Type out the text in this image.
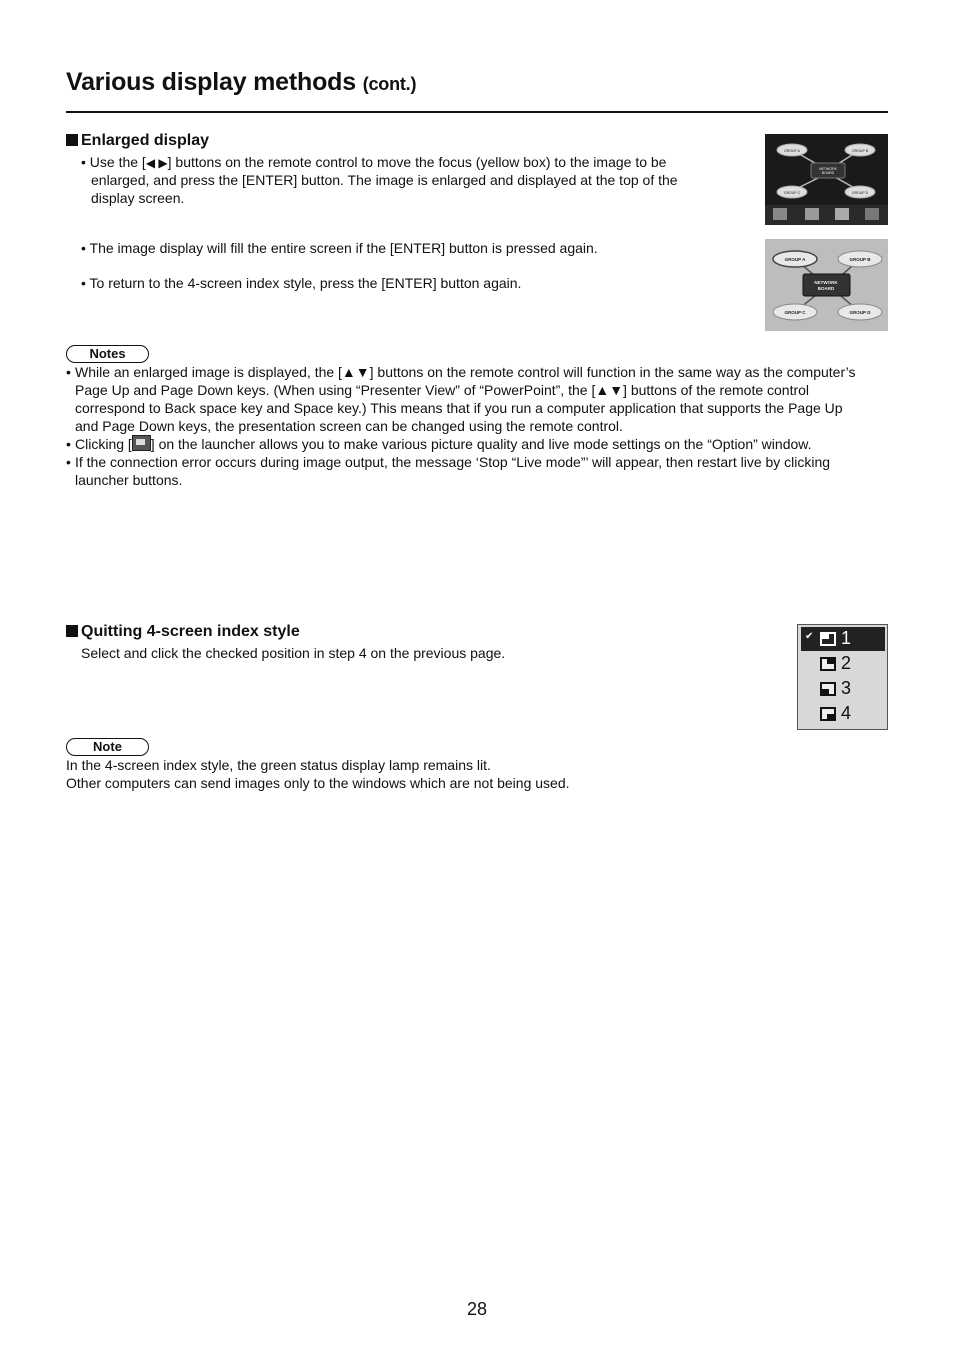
Various display methods (cont.)
Enlarged display
• Use the [◀ ▶] buttons on the remote control to move the focus (yellow box) to the image to be
enlarged, and press the [ENTER] button. The image is enlarged and displayed at the top of the
display screen.
• The image display will fill the entire screen if the [ENTER] button is pressed again.
• To return to the 4-screen index style, press the [ENTER] button again.
GROUP A	GROUP B
GROUP C	GROUP D
NETWORK
BOARD
GROUP A	GROUP B
GROUP C	GROUP D
NETWORK
BOARD
Notes
• While an enlarged image is displayed, the [▲▼] buttons on the remote control will function in the same way as the computer’s
Page Up and Page Down keys. (When using “Presenter View” of “PowerPoint”, the [▲▼] buttons of the remote control
correspond to Back space key and Space key.) This means that if you run a computer application that supports the Page Up
and Page Down keys, the presentation screen can be changed using the remote control.
• Clicking [ ] on the launcher allows you to make various picture quality and live mode settings on the “Option” window.
• If the connection error occurs during image output, the message ‘Stop “Live mode”’ will appear, then restart live by clicking
launcher buttons.
Quitting 4-screen index style
Select and click the checked position in step 4 on the previous page.
✔ 1
2
3
4
Note
In the 4-screen index style, the green status display lamp remains lit.
Other computers can send images only to the windows which are not being used.
28
